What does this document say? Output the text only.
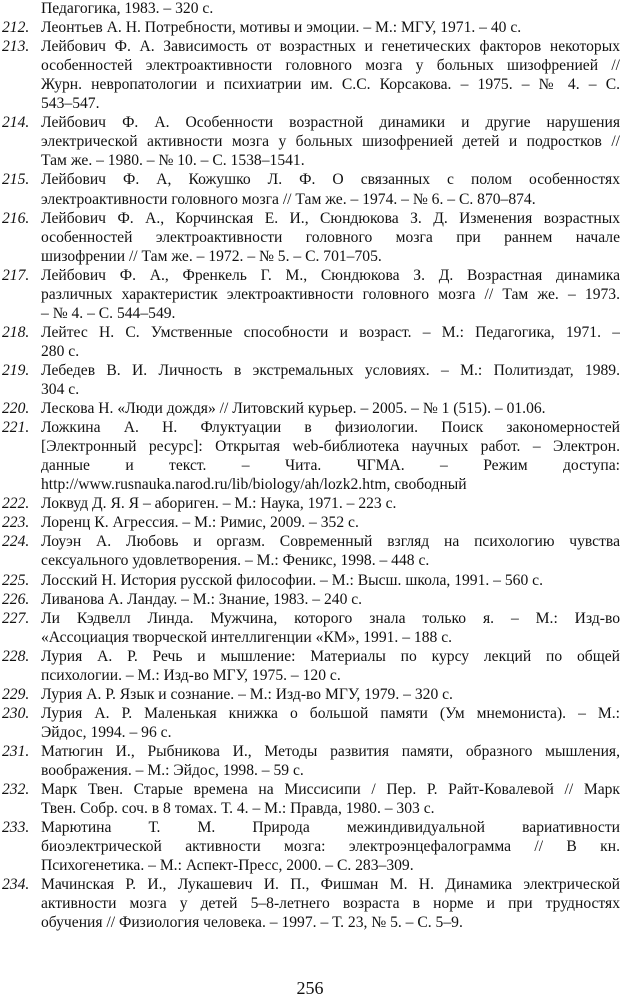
Педагогика, 1983. – 320 с.
212. Леонтьев А. Н. Потребности, мотивы и эмоции. – М.: МГУ, 1971. – 40 с.
213. Лейбович Ф. А. Зависимость от возрастных и генетических факторов некоторых
особенностей электроактивности головного мозга у больных шизофренией //
Журн. невропатологии и психиатрии им. С.С. Корсакова. – 1975. – № 4. – С.
543–547.
214. Лейбович Ф. А. Особенности возрастной динамики и другие нарушения
электрической активности мозга у больных шизофренией детей и подростков //
Там же. – 1980. – № 10. – С. 1538–1541.
215. Лейбович Ф. А, Кожушко Л. Ф. О связанных с полом особенностях
электроактивности головного мозга // Там же. – 1974. – № 6. – С. 870–874.
216. Лейбович Ф. А., Корчинская Е. И., Сюндюкова З. Д. Изменения возрастных
особенностей электроактивности головного мозга при раннем начале
шизофрении // Там же. – 1972. – № 5. – С. 701–705.
217. Лейбович Ф. А., Френкель Г. М., Сюндюкова З. Д. Возрастная динамика
различных характеристик электроактивности головного мозга // Там же. – 1973.
– № 4. – С. 544–549.
218. Лейтес Н. С. Умственные способности и возраст. – М.: Педагогика, 1971. –
280 с.
219. Лебедев В. И. Личность в экстремальных условиях. – М.: Политиздат, 1989.
304 с.
220. Лескова Н. «Люди дождя» // Литовский курьер. – 2005. – № 1 (515). – 01.06.
221. Ложкина А. Н. Флуктуации в физиологии. Поиск закономерностей
[Электронный ресурс]: Открытая web-библиотека научных работ. – Электрон.
данные и текст. – Чита. ЧГМА. – Режим доступа:
http://www.rusnauka.narod.ru/lib/biology/ah/lozk2.htm, свободный
222. Локвуд Д. Я. Я – абориген. – М.: Наука, 1971. – 223 с.
223. Лоренц К. Агрессия. – М.: Римис, 2009. – 352 с.
224. Лоуэн А. Любовь и оргазм. Современный взгляд на психологию чувства
сексуального удовлетворения. – М.: Феникс, 1998. – 448 с.
225. Лосский Н. История русской философии. – М.: Высш. школа, 1991. – 560 с.
226. Ливанова А. Ландау. – М.: Знание, 1983. – 240 с.
227. Ли Кэдвелл Линда. Мужчина, которого знала только я. – М.: Изд-во
«Ассоциация творческой интеллигенции «КМ», 1991. – 188 с.
228. Лурия А. Р. Речь и мышление: Материалы по курсу лекций по общей
психологии. – М.: Изд-во МГУ, 1975. – 120 с.
229. Лурия А. Р. Язык и сознание. – М.: Изд-во МГУ, 1979. – 320 с.
230. Лурия А. Р. Маленькая книжка о большой памяти (Ум мнемониста). – М.:
Эйдос, 1994. – 96 с.
231. Матюгин И., Рыбникова И., Методы развития памяти, образного мышления,
воображения. – М.: Эйдос, 1998. – 59 с.
232. Марк Твен. Старые времена на Миссисипи / Пер. Р. Райт-Ковалевой // Марк
Твен. Собр. соч. в 8 томах. Т. 4. – М.: Правда, 1980. – 303 с.
233. Марютина Т. М. Природа межиндивидуальной вариативности
биоэлектрической активности мозга: электроэнцефалограмма // В кн.
Психогенетика. – М.: Аспект-Пресс, 2000. – С. 283–309.
234. Мачинская Р. И., Лукашевич И. П., Фишман М. Н. Динамика электрической
активности мозга у детей 5–8-летнего возраста в норме и при трудностях
обучения // Физиология человека. – 1997. – Т. 23, № 5. – С. 5–9.
256
